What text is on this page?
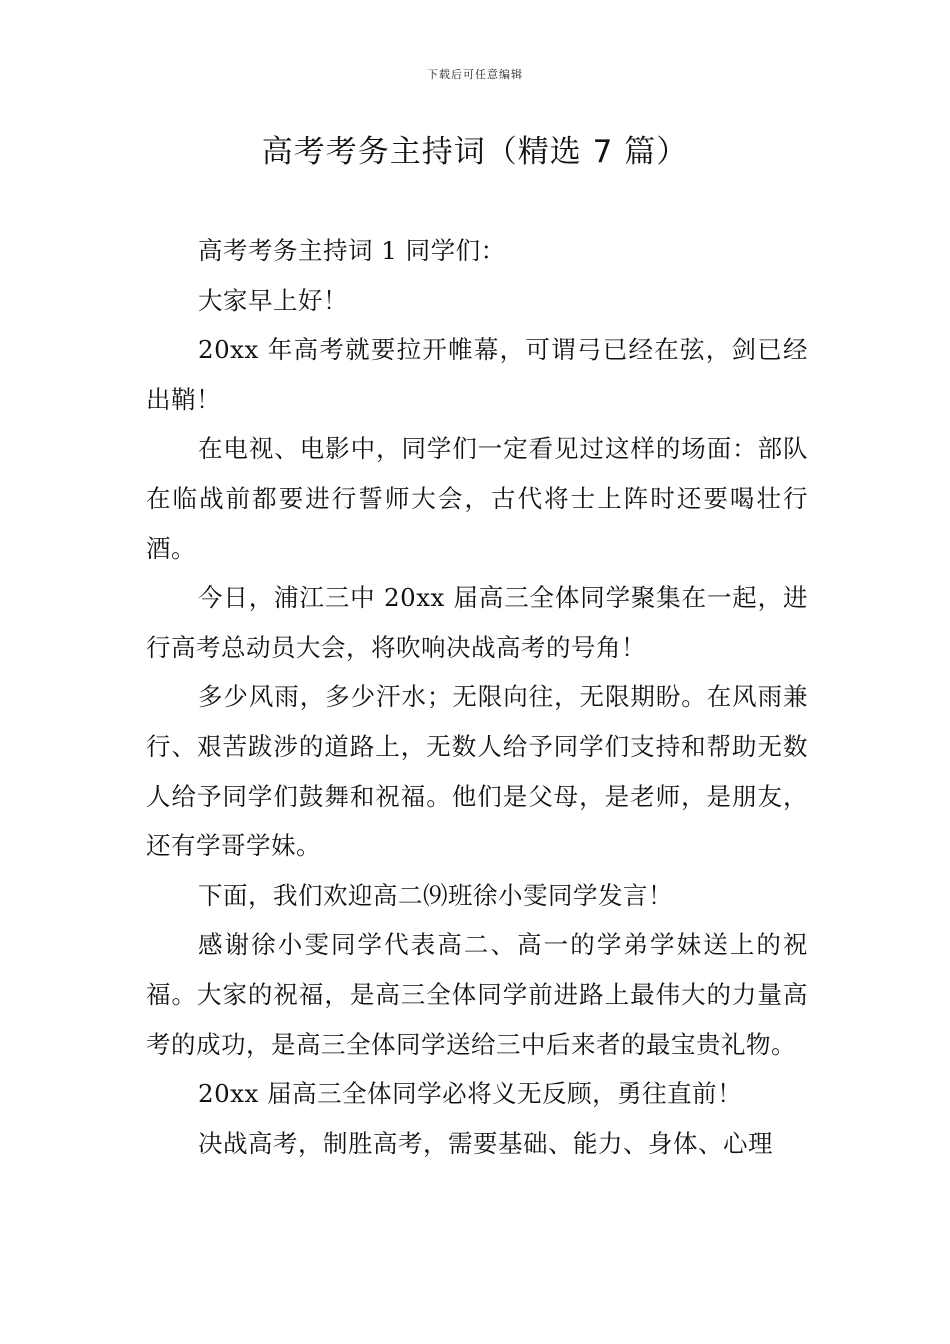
下载后可任意编辑
高考考务主持词（精选 7 篇）

高考考务主持词 1 同学们：

大家早上好！

20xx 年高考就要拉开帷幕，可谓弓已经在弦，剑已经出鞘！

在电视、电影中，同学们一定看见过这样的场面：部队在临战前都要进行誓师大会，古代将士上阵时还要喝壮行酒。

今日，浦江三中 20xx 届高三全体同学聚集在一起，进行高考总动员大会，将吹响决战高考的号角！

多少风雨，多少汗水；无限向往，无限期盼。在风雨兼行、艰苦跋涉的道路上，无数人给予同学们支持和帮助无数人给予同学们鼓舞和祝福。他们是父母，是老师，是朋友，还有学哥学妹。

下面，我们欢迎高二⑼班徐小雯同学发言！

感谢徐小雯同学代表高二、高一的学弟学妹送上的祝福。大家的祝福，是高三全体同学前进路上最伟大的力量高考的成功，是高三全体同学送给三中后来者的最宝贵礼物。

20xx 届高三全体同学必将义无反顾，勇往直前！

决战高考，制胜高考，需要基础、能力、身体、心理
